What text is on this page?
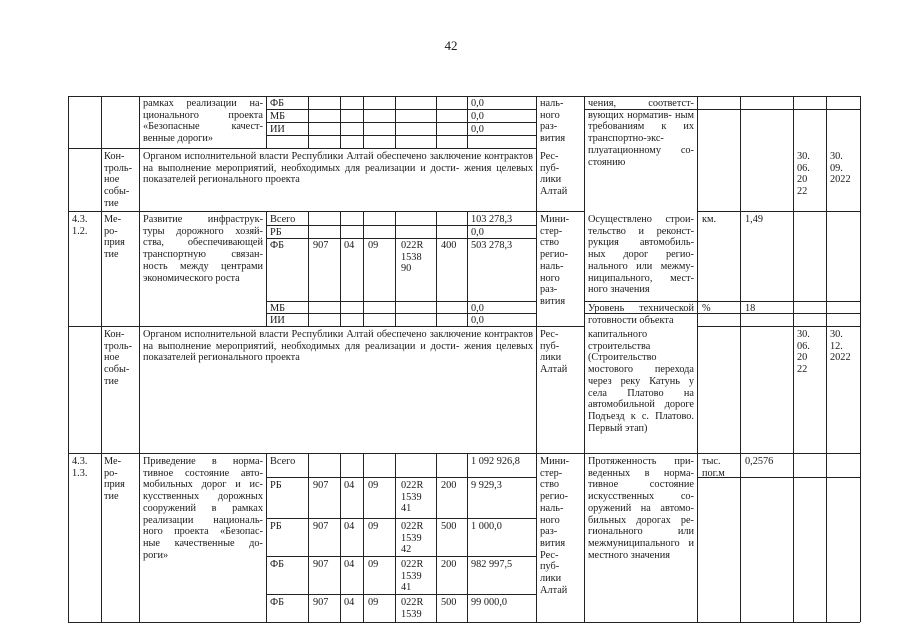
42
рамках реализации на- ционального проекта «Безопасные качест- венные дороги»
ФБ
МБ
ИИ
0,0
0,0
0,0
наль- ного раз- вития
чения, соответст- вующих норматив- ным требованиям к их транспортно-экс- плуатационному со- стоянию
Кон- троль- ное собы- тие
Органом исполнительной власти Республики Алтай обеспечено заключение контрактов на выполнение мероприятий, необходимых для реализации и дости- жения целевых показателей регионального проекта
Рес- пуб- лики Алтай
30. 06. 20 22
30. 09. 2022
4.3. 1.2.
Ме- ро- прия тие
Развитие инфраструк- туры дорожного хозяй- ства, обеспечивающей транспортную связан- ность между центрами экономического роста
Всего
РБ
ФБ
МБ
ИИ
103 278,3
0,0
503 278,3
0,0
0,0
907 04 09 022R 1538 90
400
Мини- стер- ство регио- наль- ного раз- вития
Осуществлено строи- тельство и реконст- рукция автомобиль- ных дорог регио- нального или межму- ниципального, мест- ного значения
км.	1,49
Уровень технической готовности объекта
%	18
Кон- троль- ное собы- тие
Органом исполнительной власти Республики Алтай обеспечено заключение контрактов на выполнение мероприятий, необходимых для реализации и дости- жения целевых показателей регионального проекта
Рес- пуб- лики Алтай
капитального строительства (Строительство мостового перехода через реку Катунь у села Платово на автомобильной дороге Подъезд к с. Платово. Первый этап)
30. 06. 20 22
30. 12. 2022
4.3. 1.3.
Ме- ро- прия тие
Приведение в норма- тивное состояние авто- мобильных дорог и ис- кусственных дорожных сооружений в рамках реализации националь- ного проекта «Безопас- ные качественные до- роги»
Всего
РБ
РБ
ФБ
ФБ
1 092 926,8
9 929,3
1 000,0
982 997,5
99 000,0
907 04 09 022R 1539 41
200
907 04 09 022R 1539 42
500
907 04 09 022R 1539 41
200
907 04 09 022R 1539
500
Мини- стер- ство регио- наль- ного раз- вития Рес- пуб- лики Алтай
Протяженность при- веденных в норма- тивное состояние искусственных со- оружений на автомо- бильных дорогах ре- гионального или межмуниципального и местного значения
тыс. пог.м
0,2576
